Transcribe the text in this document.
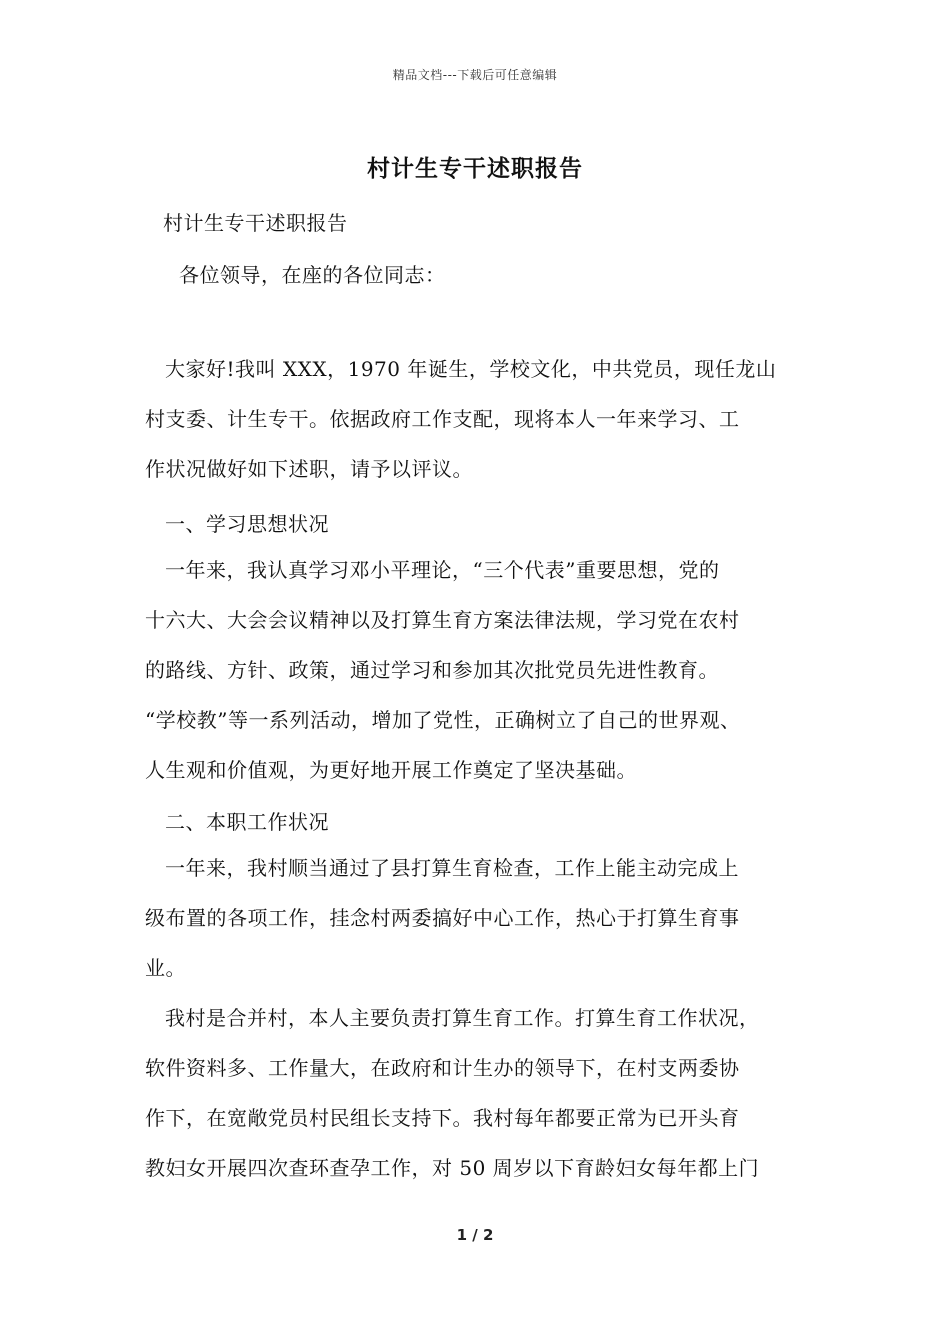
精品文档---下载后可任意编辑
村计生专干述职报告

村计生专干述职报告

各位领导，在座的各位同志：

大家好!我叫 XXX，1970 年诞生，学校文化，中共党员，现任龙山
村支委、计生专干。依据政府工作支配，现将本人一年来学习、工
作状况做好如下述职，请予以评议。

一、学习思想状况

一年来，我认真学习邓小平理论，“三个代表”重要思想，党的
十六大、大会会议精神以及打算生育方案法律法规，学习党在农村
的路线、方针、政策，通过学习和参加其次批党员先进性教育。
“学校教”等一系列活动，增加了党性，正确树立了自己的世界观、
人生观和价值观，为更好地开展工作奠定了坚决基础。

二、本职工作状况

一年来，我村顺当通过了县打算生育检查，工作上能主动完成上
级布置的各项工作，挂念村两委搞好中心工作，热心于打算生育事
业。
我村是合并村，本人主要负责打算生育工作。打算生育工作状况，
软件资料多、工作量大，在政府和计生办的领导下，在村支两委协
作下，在宽敞党员村民组长支持下。我村每年都要正常为已开头育
教妇女开展四次查环查孕工作，对 50 周岁以下育龄妇女每年都上门
1 / 2
